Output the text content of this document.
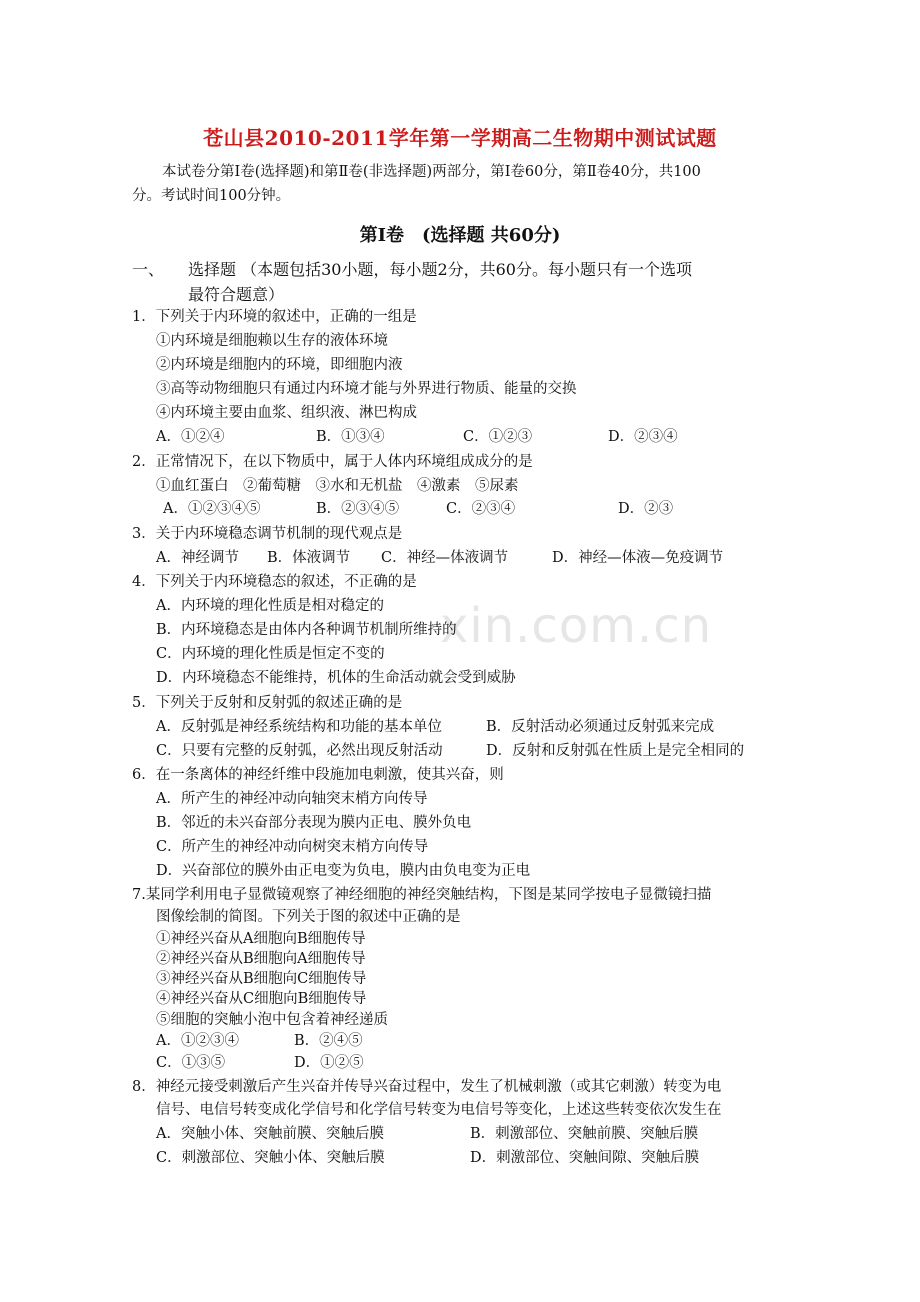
xin.com.cn
苍山县2010-2011学年第一学期高二生物期中测试试题
本试卷分第Ⅰ卷(选择题)和第Ⅱ卷(非选择题)两部分，第Ⅰ卷60分，第Ⅱ卷40分，共100
分。考试时间100分钟。
第Ⅰ卷　(选择题 共60分)
一、 选择题 （本题包括30小题，每小题2分，共60分。每小题只有一个选项
最符合题意）
1．下列关于内环境的叙述中，正确的一组是
①内环境是细胞赖以生存的液体环境
②内环境是细胞内的环境，即细胞内液
③高等动物细胞只有通过内环境才能与外界进行物质、能量的交换
④内环境主要由血浆、组织液、淋巴构成
A．①②④	B．①③④	C．①②③	D．②③④
2．正常情况下，在以下物质中，属于人体内环境组成成分的是
①血红蛋白　②葡萄糖　③水和无机盐　④激素　⑤尿素
A．①②③④⑤	B．②③④⑤	C．②③④	D．②③
3．关于内环境稳态调节机制的现代观点是
A．神经调节 B．体液调节 C．神经—体液调节	D．神经—体液—免疫调节
4．下列关于内环境稳态的叙述，不正确的是
A．内环境的理化性质是相对稳定的
B．内环境稳态是由体内各种调节机制所维持的
C．内环境的理化性质是恒定不变的
D．内环境稳态不能维持，机体的生命活动就会受到威胁
5．下列关于反射和反射弧的叙述正确的是
A．反射弧是神经系统结构和功能的基本单位	B．反射活动必须通过反射弧来完成
C．只要有完整的反射弧，必然出现反射活动	D．反射和反射弧在性质上是完全相同的
6．在一条离体的神经纤维中段施加电刺激，使其兴奋，则
A．所产生的神经冲动向轴突末梢方向传导
B．邻近的未兴奋部分表现为膜内正电、膜外负电
C．所产生的神经冲动向树突末梢方向传导
D．兴奋部位的膜外由正电变为负电，膜内由负电变为正电
7.某同学利用电子显微镜观察了神经细胞的神经突触结构，下图是某同学按电子显微镜扫描
图像绘制的简图。下列关于图的叙述中正确的是
①神经兴奋从A细胞向B细胞传导
②神经兴奋从B细胞向A细胞传导
③神经兴奋从B细胞向C细胞传导
④神经兴奋从C细胞向B细胞传导
⑤细胞的突触小泡中包含着神经递质
A．①②③④	B．②④⑤
C．①③⑤	D．①②⑤
8．神经元接受刺激后产生兴奋并传导兴奋过程中，发生了机械刺激（或其它刺激）转变为电
信号、电信号转变成化学信号和化学信号转变为电信号等变化，上述这些转变依次发生在
A．突触小体、突触前膜、突触后膜	B．刺激部位、突触前膜、突触后膜
C．刺激部位、突触小体、突触后膜	D．刺激部位、突触间隙、突触后膜
